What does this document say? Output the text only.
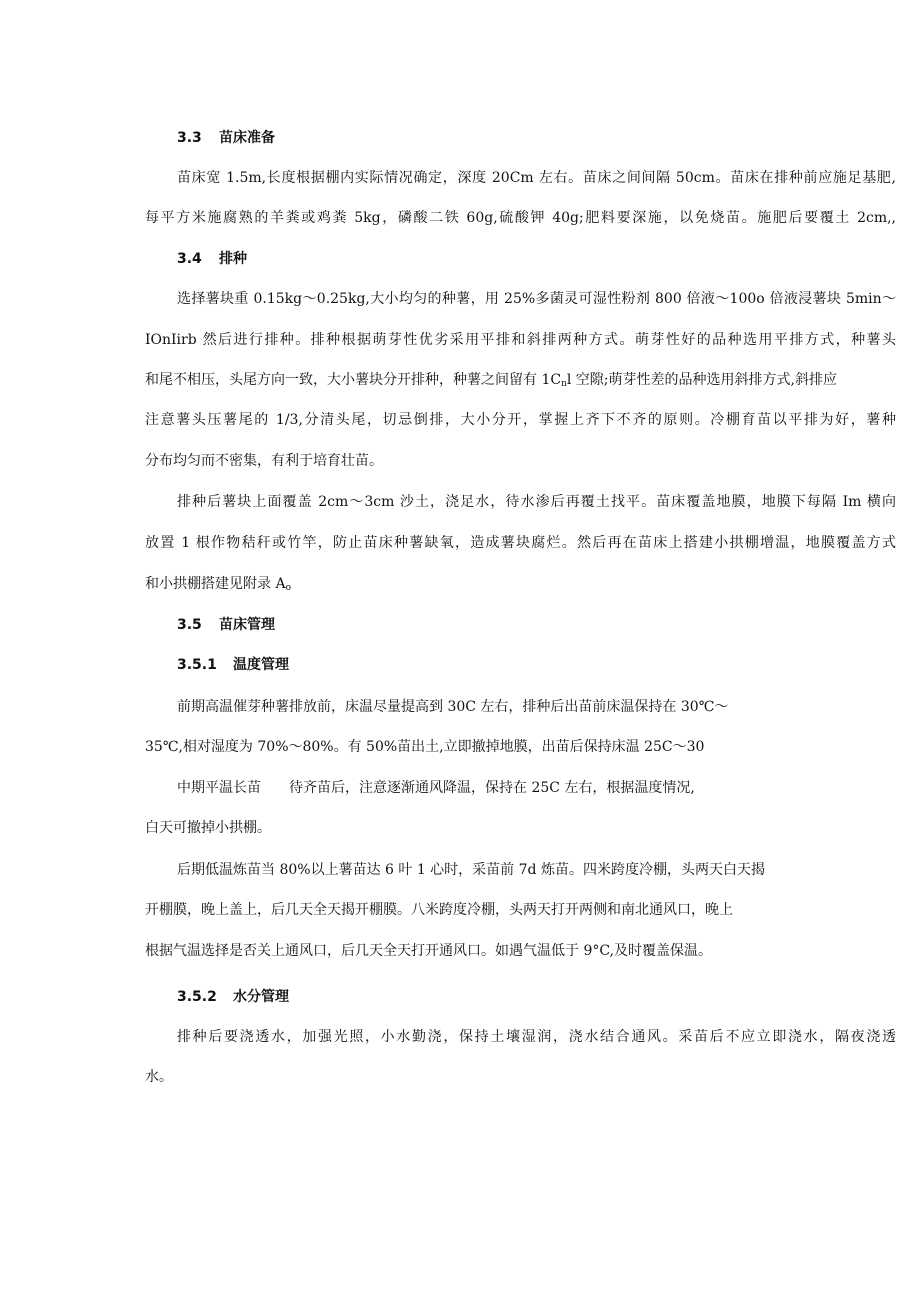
3.3 苗床准备
苗床宽 1.5m,长度根据棚内实际情况确定，深度 20Cm 左右。苗床之间间隔 50cm。苗床在排种前应施足基肥,
每平方米施腐熟的羊粪或鸡粪 5kg，磷酸二铁 60g,硫酸钾 40g;肥料要深施，以免烧苗。施肥后要覆土 2cm,,
3.4 排种
选择薯块重 0.15kg～0.25kg,大小均匀的种薯，用 25%多菌灵可湿性粉剂 800 倍液～100o 倍液浸薯块 5min～
IOnIirb 然后进行排种。排种根据萌芽性优劣采用平排和斜排两种方式。萌芽性好的品种选用平排方式，种薯头
和尾不相压，头尾方向一致，大小薯块分开排种，种薯之间留有 $1C_nl$ 空隙;萌芽性差的品种选用斜排方式,斜排应
注意薯头压薯尾的 1/3,分清头尾，切忌倒排，大小分开，掌握上齐下不齐的原则。冷棚育苗以平排为好，薯种
分布均匀而不密集，有利于培育壮苗。
排种后薯块上面覆盖 2cm～3cm 沙土，浇足水，待水渗后再覆土找平。苗床覆盖地膜，地膜下每隔 Im 横向
放置 1 根作物秸秆或竹竿，防止苗床种薯缺氧，造成薯块腐烂。然后再在苗床上搭建小拱棚增温，地膜覆盖方式
和小拱棚搭建见附录 $A_o$
3.5 苗床管理
3.5.1 温度管理
前期高温催芽种薯排放前，床温尽量提高到 30C 左右，排种后出苗前床温保持在 30℃～
35℃,相对湿度为 70%～80%。有 50%苗出土,立即撤掉地膜，出苗后保持床温 25C～30
中期平温长苗 待齐苗后，注意逐渐通风降温，保持在 25C 左右，根据温度情况,
白天可撤掉小拱棚。
后期低温炼苗当 80%以上薯苗达 6 叶 1 心时，采苗前 7d 炼苗。四米跨度冷棚，头两天白天揭
开棚膜，晚上盖上，后几天全天揭开棚膜。八米跨度冷棚，头两天打开两侧和南北通风口，晚上
根据气温选择是否关上通风口，后几天全天打开通风口。如遇气温低于 9°C,及时覆盖保温。
3.5.2 水分管理
排种后要浇透水，加强光照，小水勤浇，保持土壤湿润，浇水结合通风。采苗后不应立即浇水，隔夜浇透
水。
